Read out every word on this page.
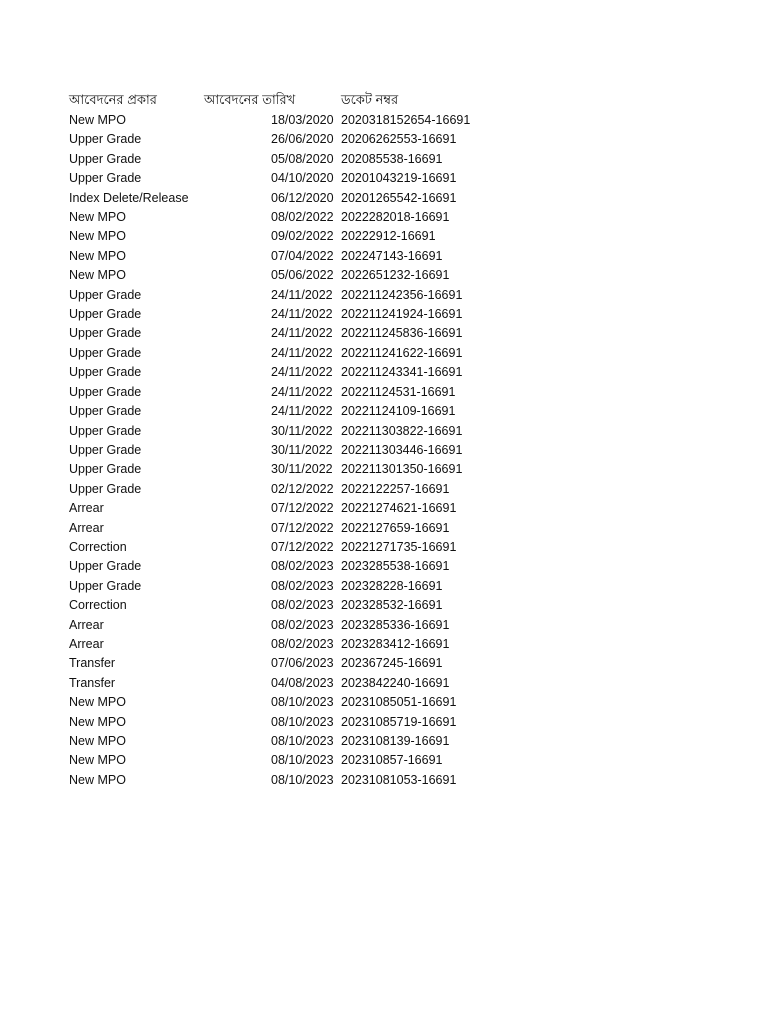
আবেদনের প্রকার	আবেদনের তারিখ	ডকেট নম্বর
New MPO	18/03/2020 2020318152654-16691
Upper Grade	26/06/2020 20206262553-16691
Upper Grade	05/08/2020 202085538-16691
Upper Grade	04/10/2020 20201043219-16691
Index Delete/Release	06/12/2020 20201265542-16691
New MPO	08/02/2022 2022282018-16691
New MPO	09/02/2022 20222912-16691
New MPO	07/04/2022 202247143-16691
New MPO	05/06/2022 2022651232-16691
Upper Grade	24/11/2022 202211242356-16691
Upper Grade	24/11/2022 202211241924-16691
Upper Grade	24/11/2022 202211245836-16691
Upper Grade	24/11/2022 202211241622-16691
Upper Grade	24/11/2022 202211243341-16691
Upper Grade	24/11/2022 20221124531-16691
Upper Grade	24/11/2022 20221124109-16691
Upper Grade	30/11/2022 202211303822-16691
Upper Grade	30/11/2022 202211303446-16691
Upper Grade	30/11/2022 202211301350-16691
Upper Grade	02/12/2022 2022122257-16691
Arrear	07/12/2022 20221274621-16691
Arrear	07/12/2022 2022127659-16691
Correction	07/12/2022 20221271735-16691
Upper Grade	08/02/2023 2023285538-16691
Upper Grade	08/02/2023 202328228-16691
Correction	08/02/2023 202328532-16691
Arrear	08/02/2023 2023285336-16691
Arrear	08/02/2023 2023283412-16691
Transfer	07/06/2023 202367245-16691
Transfer	04/08/2023 2023842240-16691
New MPO	08/10/2023 20231085051-16691
New MPO	08/10/2023 20231085719-16691
New MPO	08/10/2023 2023108139-16691
New MPO	08/10/2023 202310857-16691
New MPO	08/10/2023 20231081053-16691
